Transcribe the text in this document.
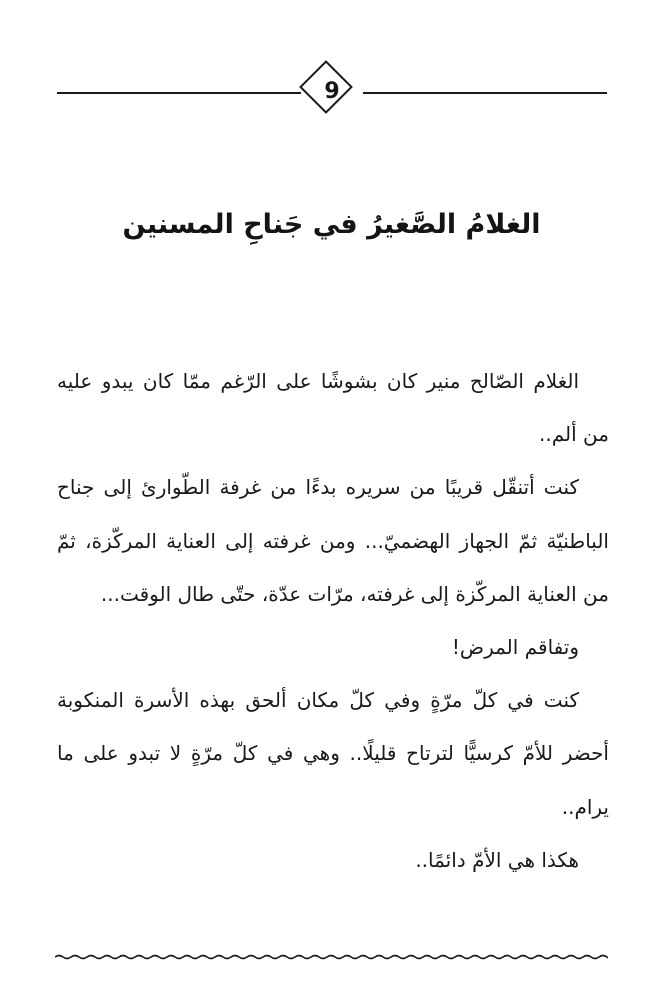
9
الغلامُ الصَّغيرُ في جَناحِ المسنين

الغلام الصّالح منير كان بشوشًا على الرّغم ممّا كان يبدو عليه من ألم..

كنت أتنقّل قريبًا من سريره بدءًا من غرفة الطّوارئ إلى جناح الباطنيّة ثمّ الجهاز الهضميّ... ومن غرفته إلى العناية المركّزة، ثمّ من العناية المركّزة إلى غرفته، مرّات عدّة، حتّى طال الوقت...

وتفاقم المرض!

كنت في كلّ مرّةٍ وفي كلّ مكان ألحق بهذه الأسرة المنكوبة أحضر للأمّ كرسيًّا لترتاح قليلًا.. وهي في كلّ مرّةٍ لا تبدو على ما يرام..

هكذا هي الأمّ دائمًا..
